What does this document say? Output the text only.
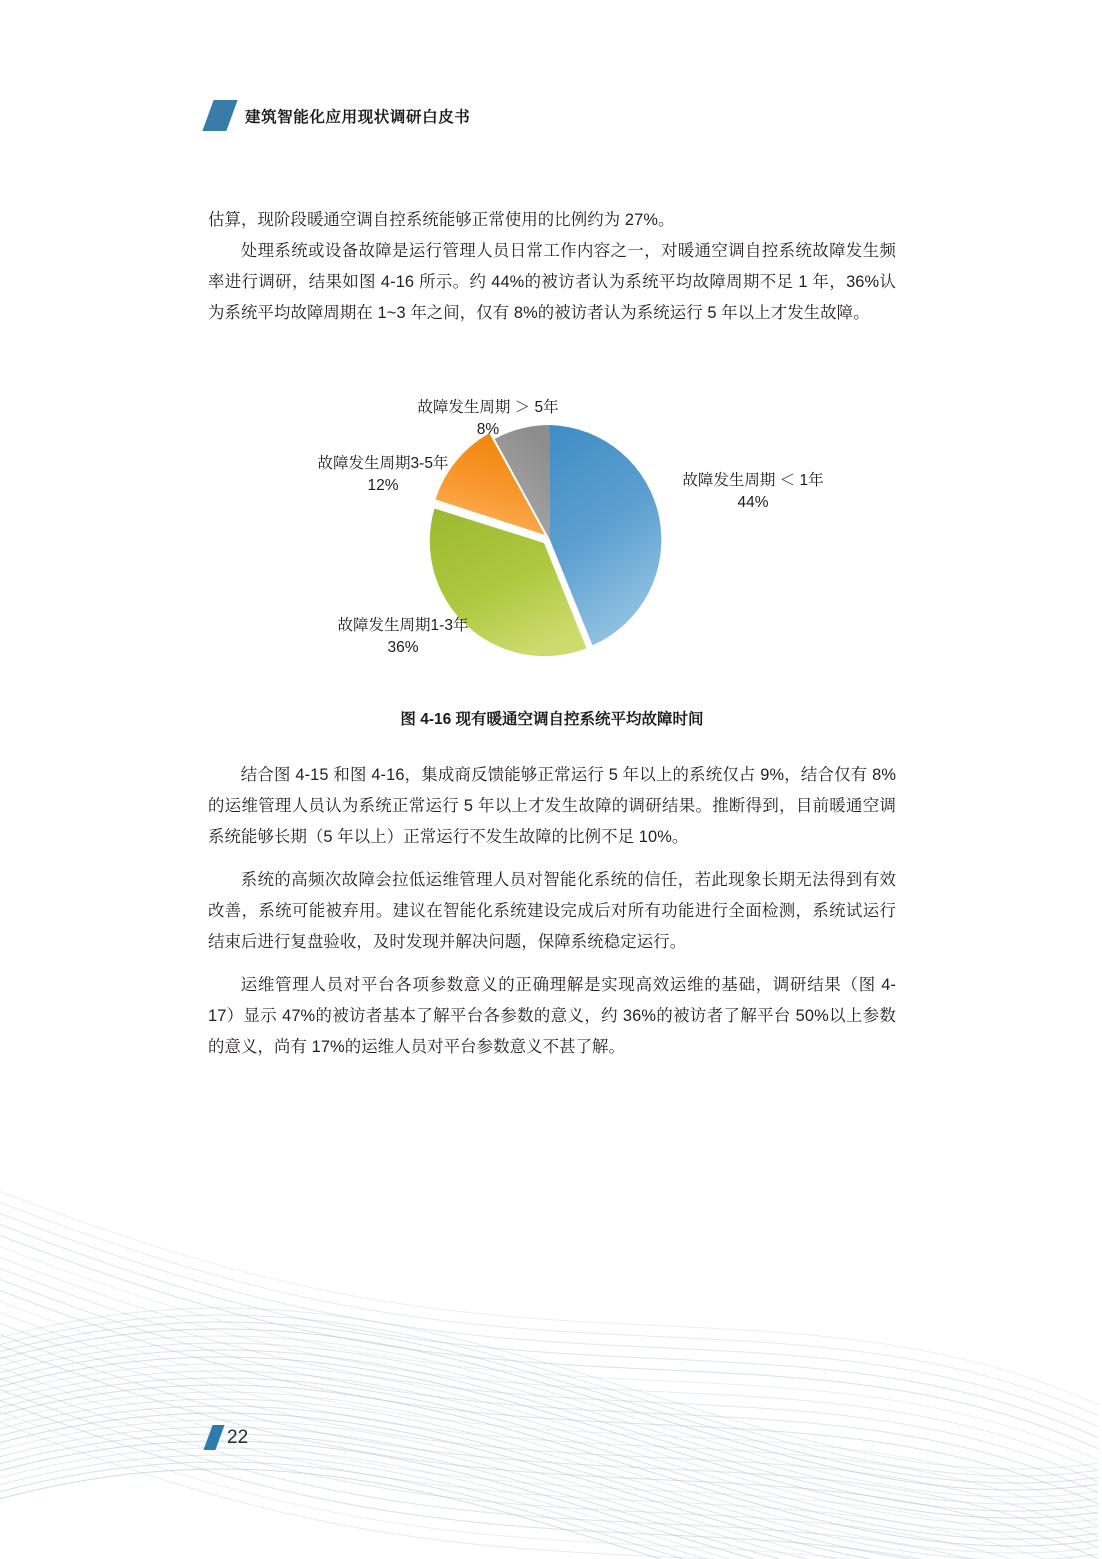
建筑智能化应用现状调研白皮书

估算，现阶段暖通空调自控系统能够正常使用的比例约为 27%。

处理系统或设备故障是运行管理人员日常工作内容之一，对暖通空调自控系统故障发生频率进行调研，结果如图 4-16 所示。约 44%的被访者认为系统平均故障周期不足 1 年，36%认为系统平均故障周期在 1~3 年之间，仅有 8%的被访者认为系统运行 5 年以上才发生故障。

故障发生周期 ＞ 5年
8%
故障发生周期3-5年
12%	故障发生周期 ＜ 1年
44%
故障发生周期1-3年
36%
图 4-16 现有暖通空调自控系统平均故障时间

结合图 4-15 和图 4-16，集成商反馈能够正常运行 5 年以上的系统仅占 9%，结合仅有 8%的运维管理人员认为系统正常运行 5 年以上才发生故障的调研结果。推断得到，目前暖通空调系统能够长期（5 年以上）正常运行不发生故障的比例不足 10%。

系统的高频次故障会拉低运维管理人员对智能化系统的信任，若此现象长期无法得到有效改善，系统可能被弃用。建议在智能化系统建设完成后对所有功能进行全面检测，系统试运行结束后进行复盘验收，及时发现并解决问题，保障系统稳定运行。

运维管理人员对平台各项参数意义的正确理解是实现高效运维的基础，调研结果（图 4-17）显示 47%的被访者基本了解平台各参数的意义，约 36%的被访者了解平台 50%以上参数的意义，尚有 17%的运维人员对平台参数意义不甚了解。

22
